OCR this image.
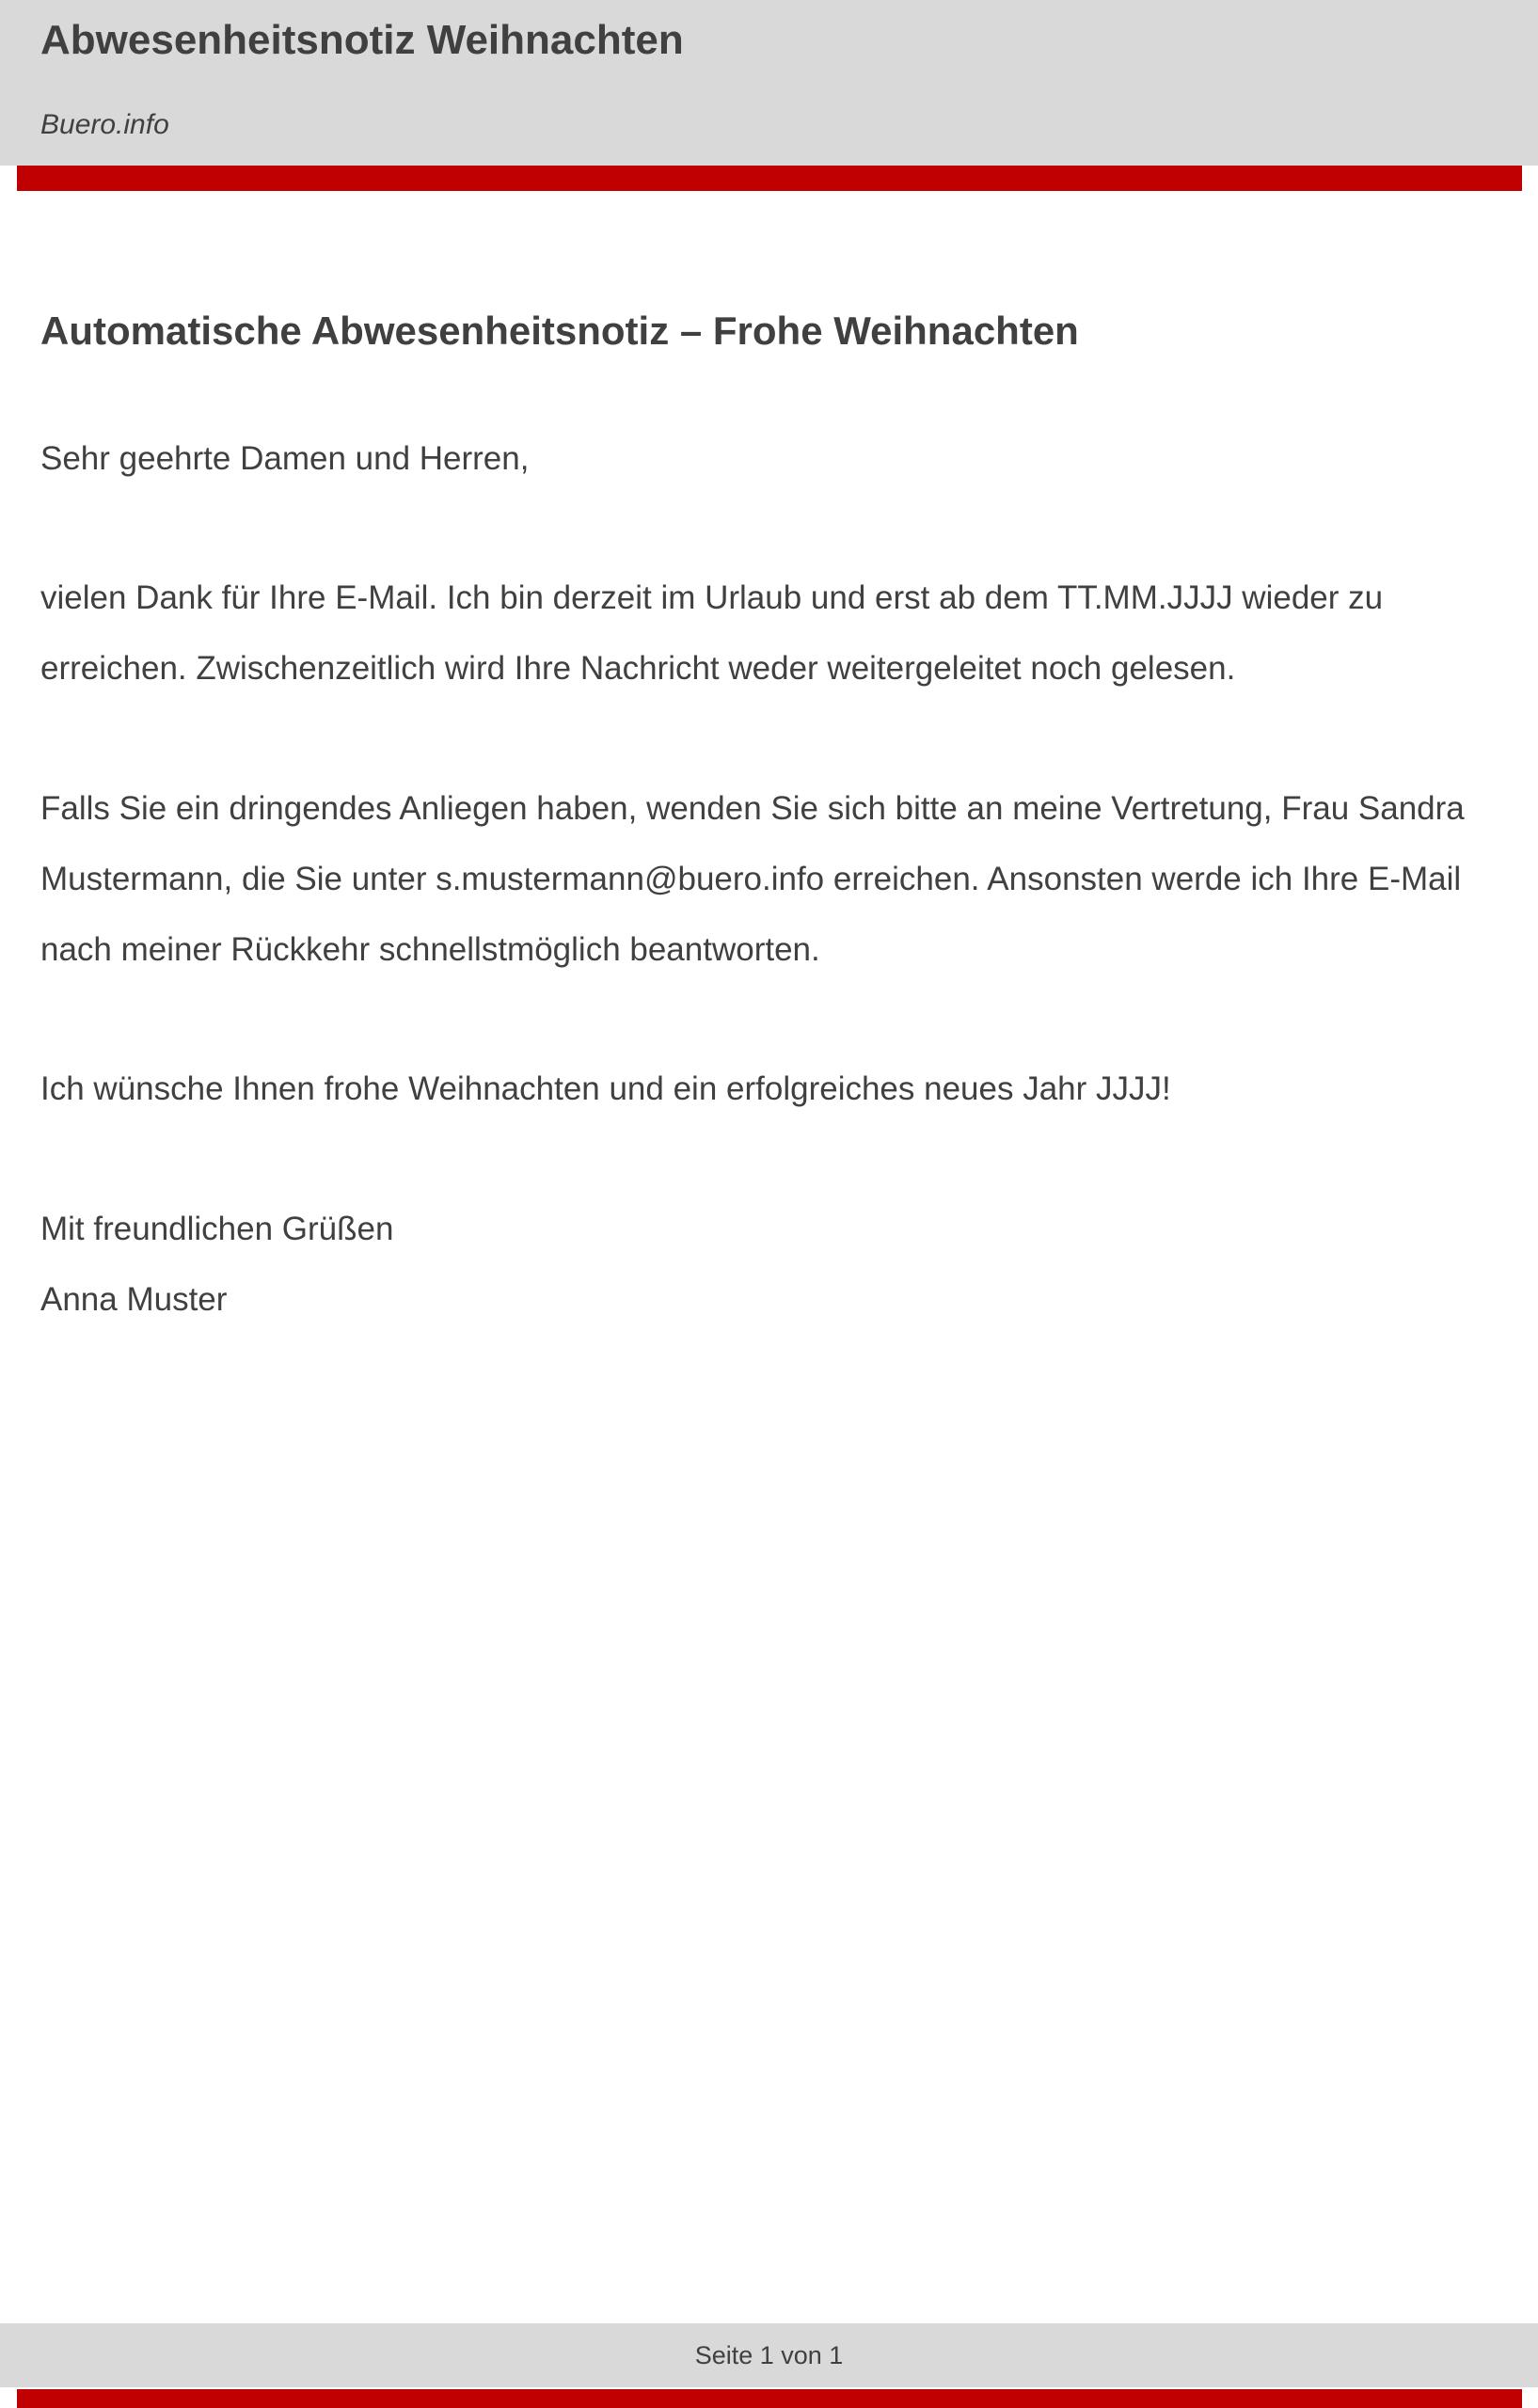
Abwesenheitsnotiz Weihnachten
Buero.info
Automatische Abwesenheitsnotiz – Frohe Weihnachten
Sehr geehrte Damen und Herren,
vielen Dank für Ihre E-Mail. Ich bin derzeit im Urlaub und erst ab dem TT.MM.JJJJ wieder zu erreichen. Zwischenzeitlich wird Ihre Nachricht weder weitergeleitet noch gelesen.
Falls Sie ein dringendes Anliegen haben, wenden Sie sich bitte an meine Vertretung, Frau Sandra Mustermann, die Sie unter s.mustermann@buero.info erreichen. Ansonsten werde ich Ihre E-Mail nach meiner Rückkehr schnellstmöglich beantworten.
Ich wünsche Ihnen frohe Weihnachten und ein erfolgreiches neues Jahr JJJJ!
Mit freundlichen Grüßen
Anna Muster
Seite 1 von 1
